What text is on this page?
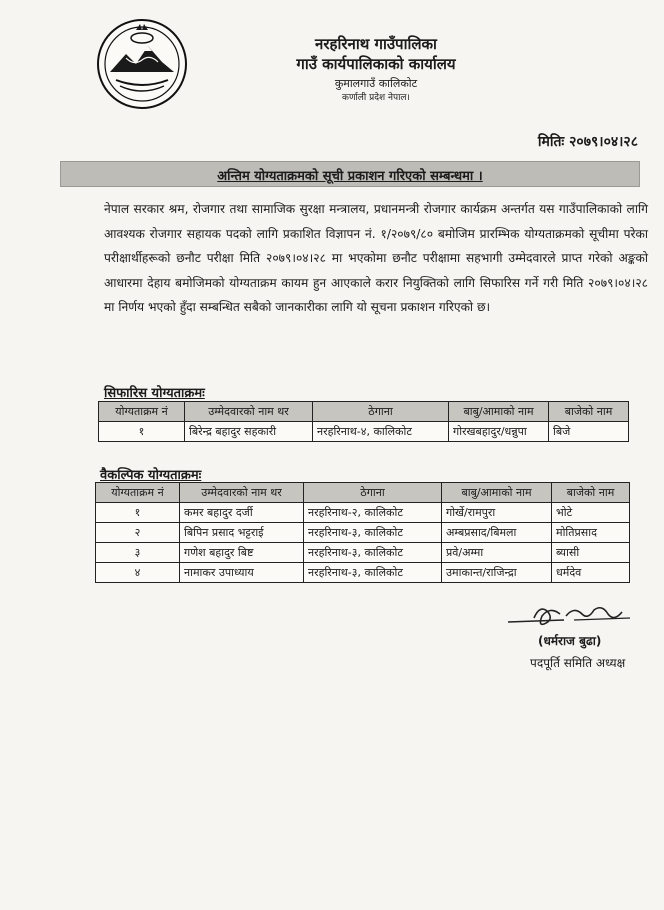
नरहरिनाथ गाउँपालिका
गाउँ कार्यपालिकाको कार्यालय
कुमालगाउँ कालिकोट
कर्णाली प्रदेश नेपाल।
मितिः २०७९।०४।२८
अन्तिम योग्यताक्रमको सूची प्रकाशन गरिएको सम्बन्धमा ।
नेपाल सरकार श्रम, रोजगार तथा सामाजिक सुरक्षा मन्त्रालय, प्रधानमन्त्री रोजगार कार्यक्रम अन्तर्गत यस गाउँपालिकाको लागि आवश्यक रोजगार सहायक पदको लागि प्रकाशित विज्ञापन नं. १/२०७९/८० बमोजिम प्रारम्भिक योग्यताक्रमको सूचीमा परेका परीक्षार्थीहरूको छनौट परीक्षा मिति २०७९।०४।२८ मा भएकोमा छनौट परीक्षामा सहभागी उम्मेदवारले प्राप्त गरेको अङ्कको आधारमा देहाय बमोजिमको योग्यताक्रम कायम हुन आएकाले करार नियुक्तिको लागि सिफारिस गर्ने गरी मिति २०७९।०४।२८ मा निर्णय भएको हुँदा सम्बन्धित सबैको जानकारीका लागि यो सूचना प्रकाशन गरिएको छ।
सिफारिस योग्यताक्रमः
योग्यताक्रम नं	उम्मेदवारको नाम थर	ठेगाना	बाबु/आमाको नाम	बाजेको नाम
१	बिरेन्द्र बहादुर सहकारी	नरहरिनाथ-४, कालिकोट	गोरखबहादुर/धन्नुपा	बिजे
वैकल्पिक योग्यताक्रमः
योग्यताक्रम नं	उम्मेदवारको नाम थर	ठेगाना	बाबु/आमाको नाम	बाजेको नाम
१	कमर बहादुर दर्जी	नरहरिनाथ-२, कालिकोट	गोर्खे/रामपुरा	भोटे
२	बिपिन प्रसाद भट्टराई	नरहरिनाथ-३, कालिकोट	अम्बप्रसाद/बिमला	मोतिप्रसाद
३	गणेश बहादुर बिष्ट	नरहरिनाथ-३, कालिकोट	प्रवे/अम्मा	ब्यासी
४	नामाकर उपाध्याय	नरहरिनाथ-३, कालिकोट	उमाकान्त/राजिन्द्रा	धर्मदेव
(धर्मराज बुढा)
पदपूर्ति समिति अध्यक्ष
